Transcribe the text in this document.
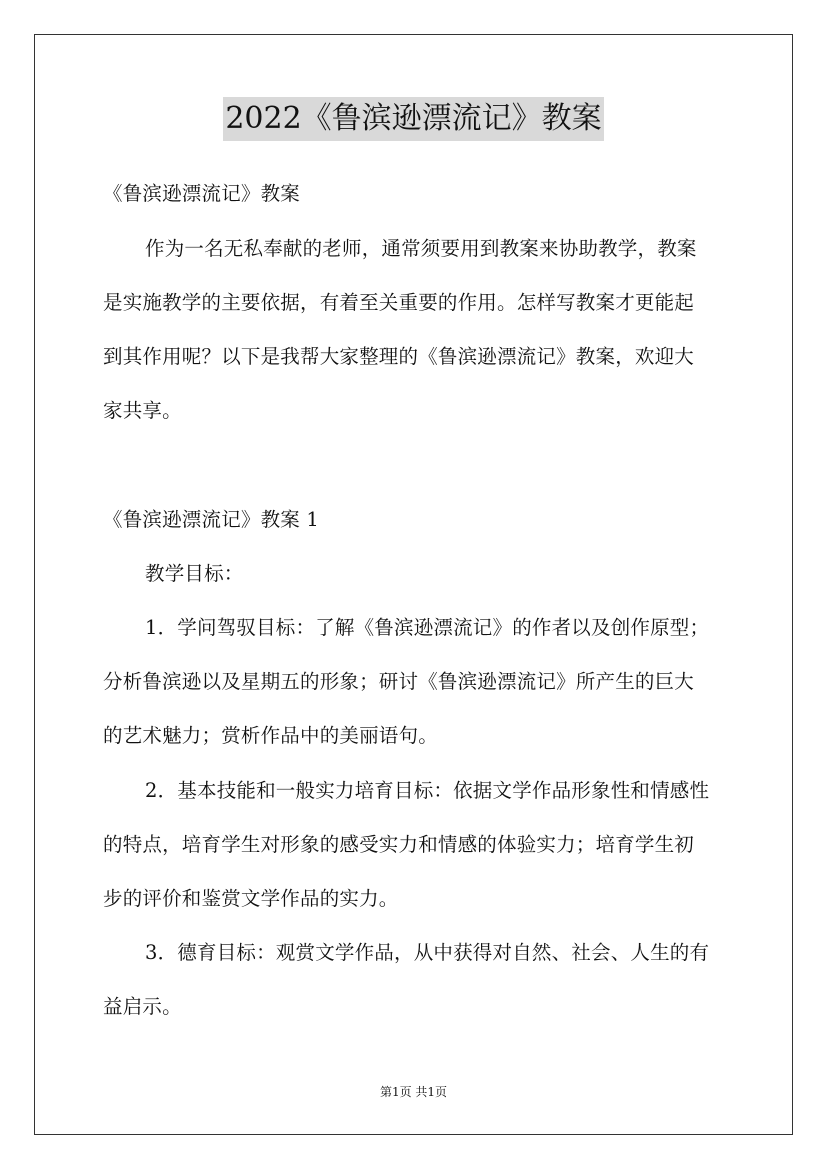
2022《鲁滨逊漂流记》教案
《鲁滨逊漂流记》教案
作为一名无私奉献的老师，通常须要用到教案来协助教学，教案
是实施教学的主要依据，有着至关重要的作用。怎样写教案才更能起
到其作用呢？以下是我帮大家整理的《鲁滨逊漂流记》教案，欢迎大
家共享。
《鲁滨逊漂流记》教案 1
教学目标：
1．学问驾驭目标：了解《鲁滨逊漂流记》的作者以及创作原型；
分析鲁滨逊以及星期五的形象；研讨《鲁滨逊漂流记》所产生的巨大
的艺术魅力；赏析作品中的美丽语句。
2．基本技能和一般实力培育目标：依据文学作品形象性和情感性
的特点，培育学生对形象的感受实力和情感的体验实力；培育学生初
步的评价和鉴赏文学作品的实力。
3．德育目标：观赏文学作品，从中获得对自然、社会、人生的有
益启示。
第1页 共1页
